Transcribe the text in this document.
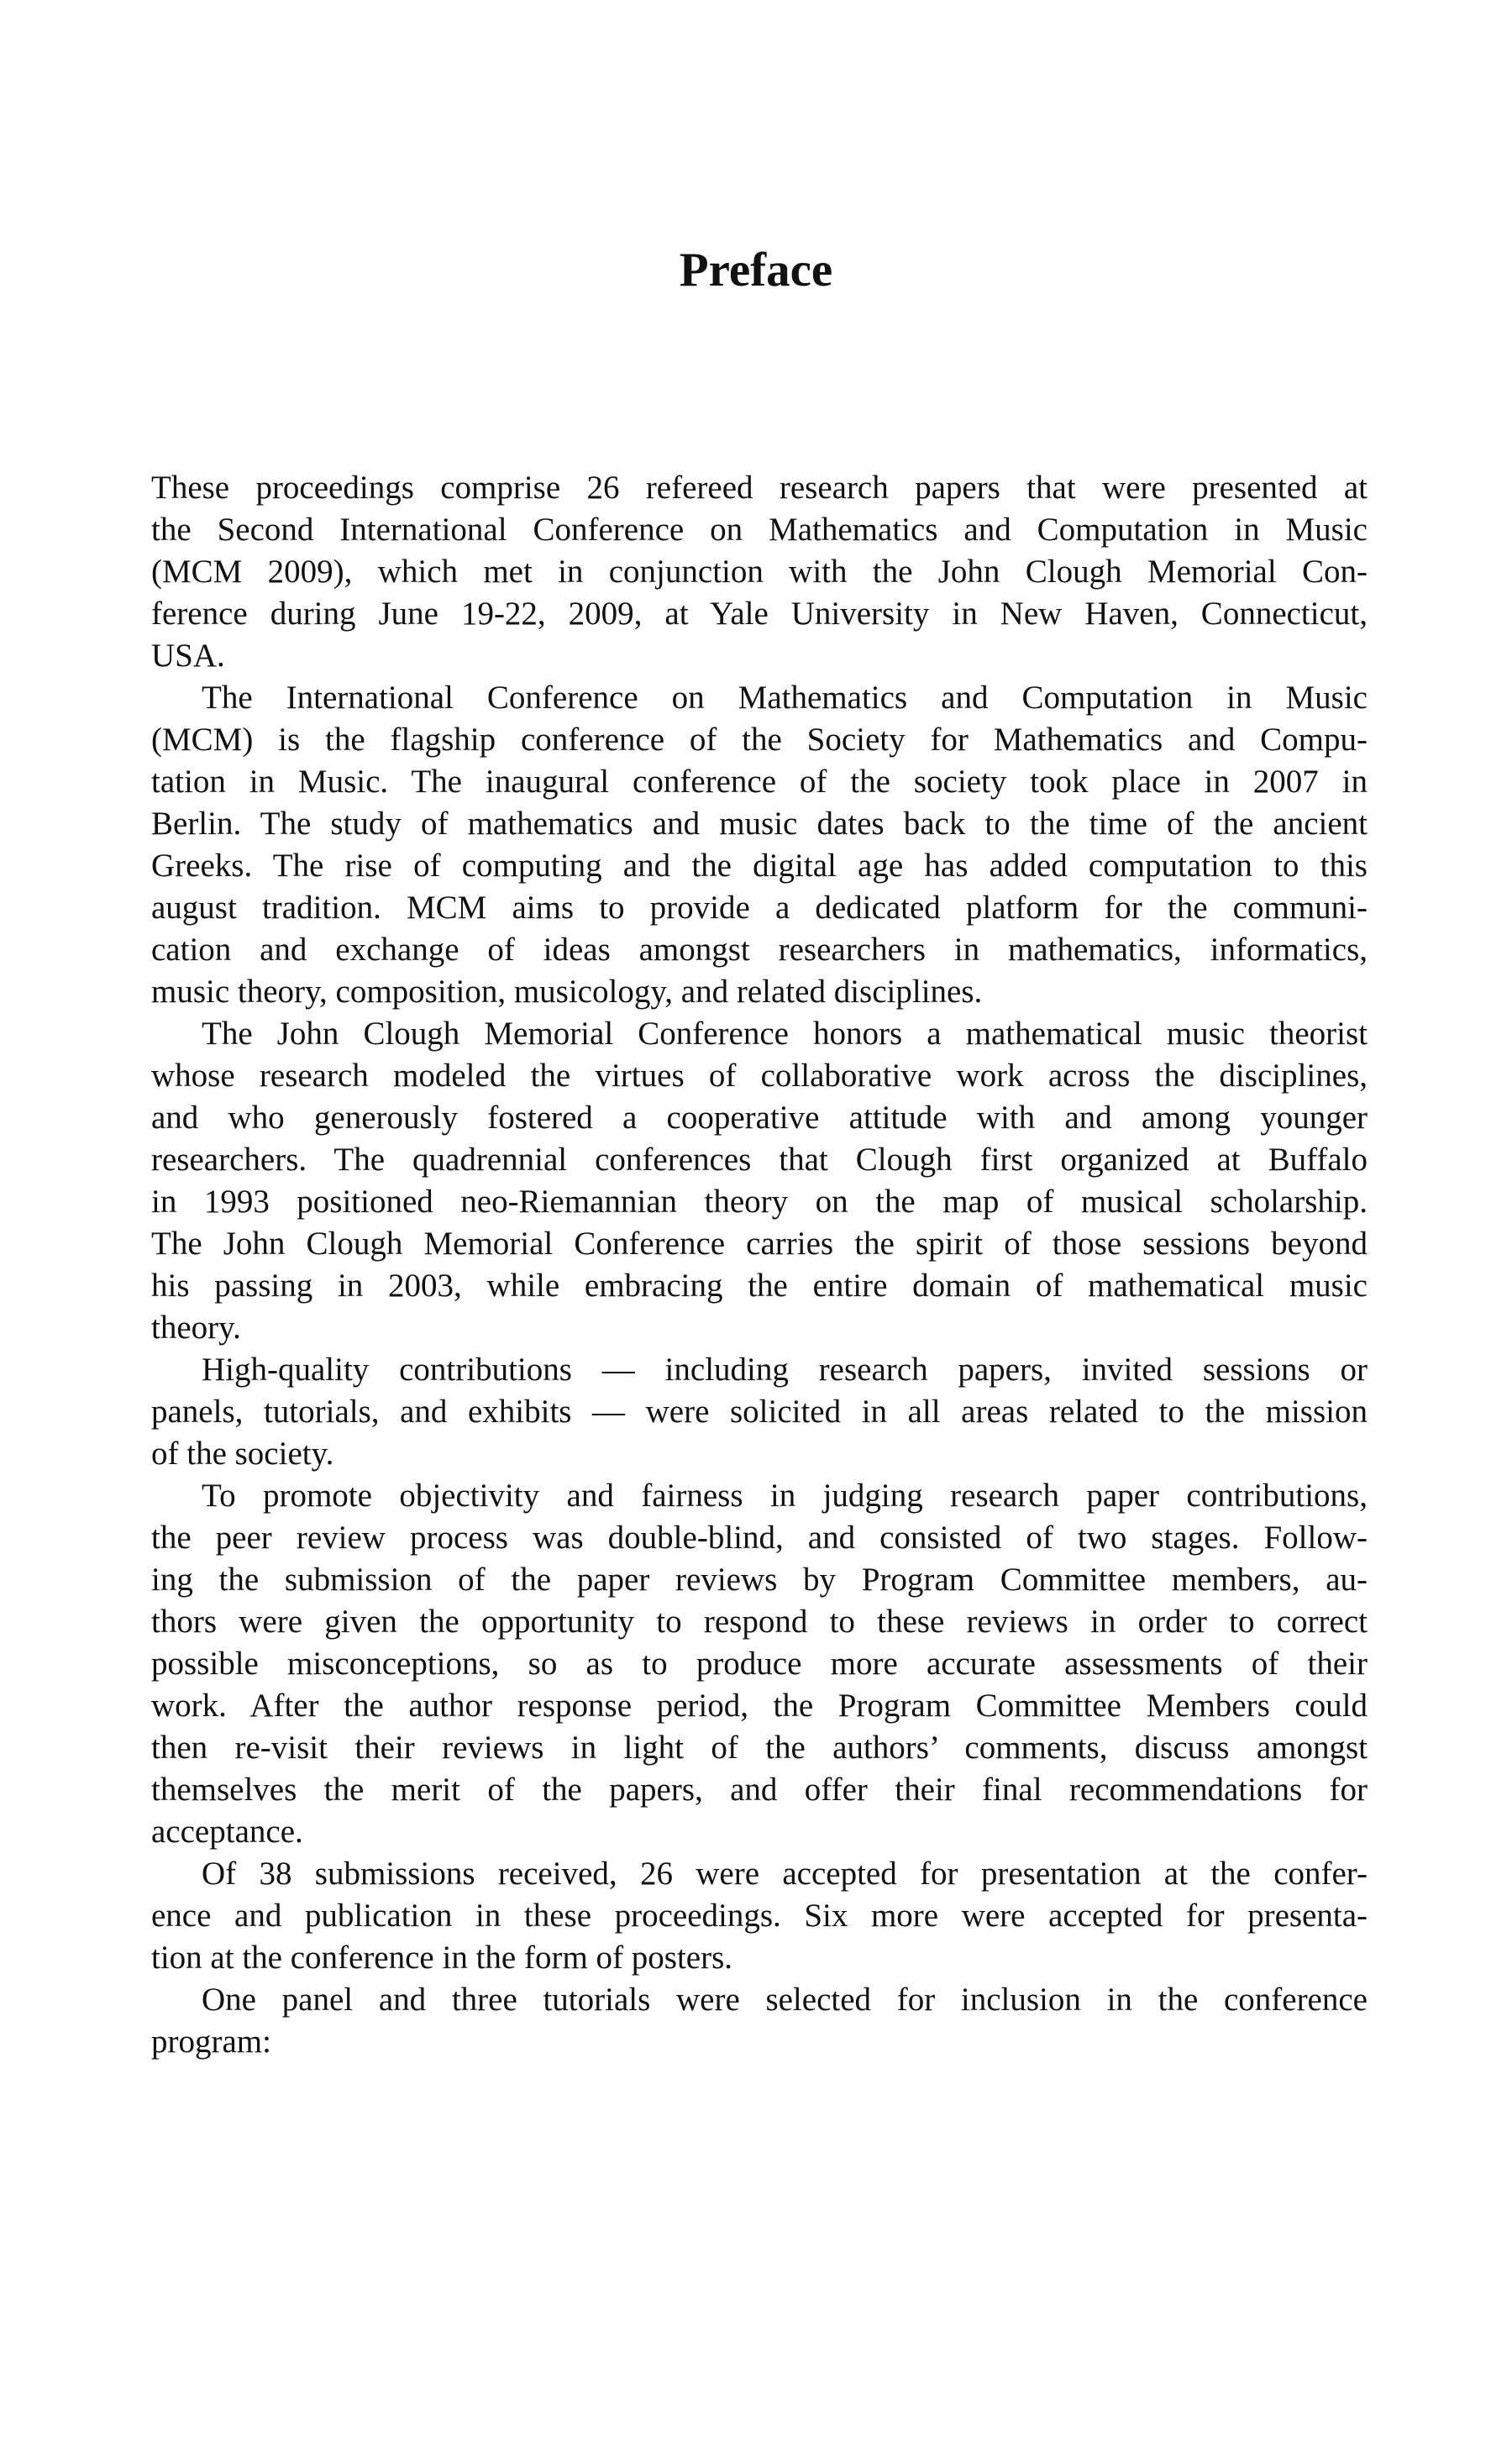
Preface
These proceedings comprise 26 refereed research papers that were presented at
the Second International Conference on Mathematics and Computation in Music
(MCM 2009), which met in conjunction with the John Clough Memorial Con-
ference during June 19-22, 2009, at Yale University in New Haven, Connecticut,
USA.
The International Conference on Mathematics and Computation in Music
(MCM) is the flagship conference of the Society for Mathematics and Compu-
tation in Music. The inaugural conference of the society took place in 2007 in
Berlin. The study of mathematics and music dates back to the time of the ancient
Greeks. The rise of computing and the digital age has added computation to this
august tradition. MCM aims to provide a dedicated platform for the communi-
cation and exchange of ideas amongst researchers in mathematics, informatics,
music theory, composition, musicology, and related disciplines.
The John Clough Memorial Conference honors a mathematical music theorist
whose research modeled the virtues of collaborative work across the disciplines,
and who generously fostered a cooperative attitude with and among younger
researchers. The quadrennial conferences that Clough first organized at Buffalo
in 1993 positioned neo-Riemannian theory on the map of musical scholarship.
The John Clough Memorial Conference carries the spirit of those sessions beyond
his passing in 2003, while embracing the entire domain of mathematical music
theory.
High-quality contributions — including research papers, invited sessions or
panels, tutorials, and exhibits — were solicited in all areas related to the mission
of the society.
To promote objectivity and fairness in judging research paper contributions,
the peer review process was double-blind, and consisted of two stages. Follow-
ing the submission of the paper reviews by Program Committee members, au-
thors were given the opportunity to respond to these reviews in order to correct
possible misconceptions, so as to produce more accurate assessments of their
work. After the author response period, the Program Committee Members could
then re-visit their reviews in light of the authors’ comments, discuss amongst
themselves the merit of the papers, and offer their final recommendations for
acceptance.
Of 38 submissions received, 26 were accepted for presentation at the confer-
ence and publication in these proceedings. Six more were accepted for presenta-
tion at the conference in the form of posters.
One panel and three tutorials were selected for inclusion in the conference
program:
